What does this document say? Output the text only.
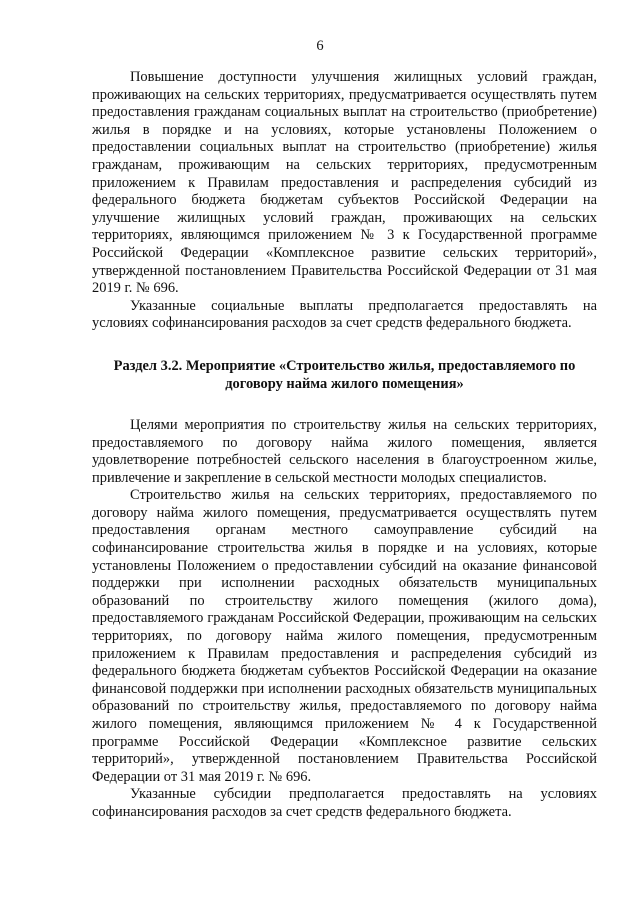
6

Повышение доступности улучшения жилищных условий граждан, проживающих на сельских территориях, предусматривается осуществлять путем предоставления гражданам социальных выплат на строительство (приобретение) жилья в порядке и на условиях, которые установлены Положением о предоставлении социальных выплат на строительство (приобретение) жилья гражданам, проживающим на сельских территориях, предусмотренным приложением к Правилам предоставления и распределения субсидий из федерального бюджета бюджетам субъектов Российской Федерации на улучшение жилищных условий граждан, проживающих на сельских территориях, являющимся приложением № 3 к Государственной программе Российской Федерации «Комплексное развитие сельских территорий», утвержденной постановлением Правительства Российской Федерации от 31 мая 2019 г. № 696.

Указанные социальные выплаты предполагается предоставлять на условиях софинансирования расходов за счет средств федерального бюджета.

Раздел 3.2. Мероприятие «Строительство жилья, предоставляемого по договору найма жилого помещения»

Целями мероприятия по строительству жилья на сельских территориях, предоставляемого по договору найма жилого помещения, является удовлетворение потребностей сельского населения в благоустроенном жилье, привлечение и закрепление в сельской местности молодых специалистов.

Строительство жилья на сельских территориях, предоставляемого по договору найма жилого помещения, предусматривается осуществлять путем предоставления органам местного самоуправление субсидий на софинансирование строительства жилья в порядке и на условиях, которые установлены Положением о предоставлении субсидий на оказание финансовой поддержки при исполнении расходных обязательств муниципальных образований по строительству жилого помещения (жилого дома), предоставляемого гражданам Российской Федерации, проживающим на сельских территориях, по договору найма жилого помещения, предусмотренным приложением к Правилам предоставления и распределения субсидий из федерального бюджета бюджетам субъектов Российской Федерации на оказание финансовой поддержки при исполнении расходных обязательств муниципальных образований по строительству жилья, предоставляемого по договору найма жилого помещения, являющимся приложением № 4 к Государственной программе Российской Федерации «Комплексное развитие сельских территорий», утвержденной постановлением Правительства Российской Федерации от 31 мая 2019 г. № 696.

Указанные субсидии предполагается предоставлять на условиях софинансирования расходов за счет средств федерального бюджета.
